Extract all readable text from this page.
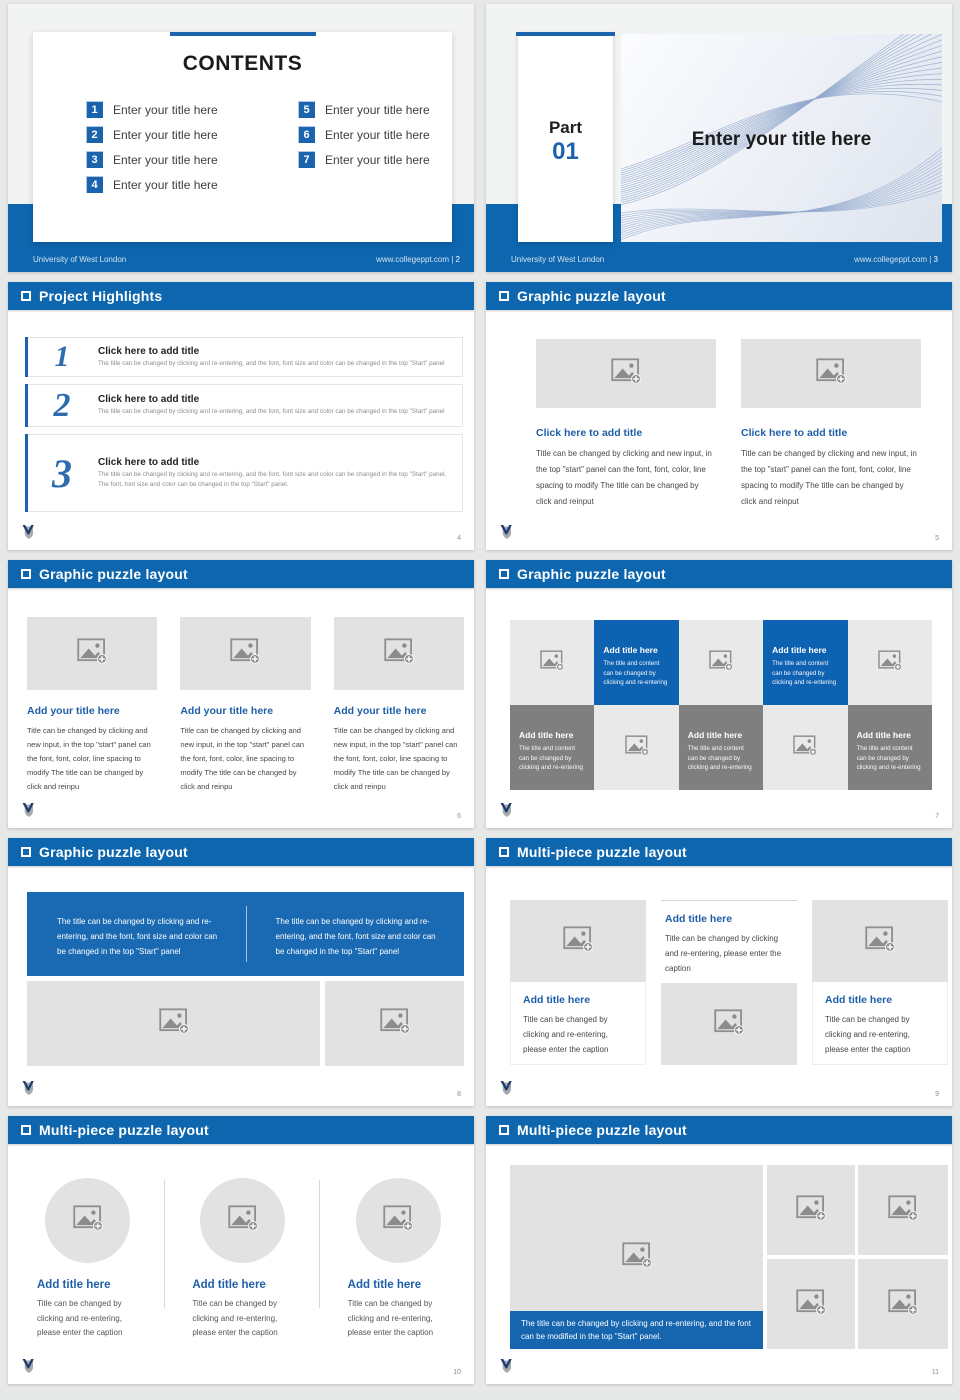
CONTENTS
1	Enter your title here
2	Enter your title here
3	Enter your title here
4	Enter your title here
5	Enter your title here
6	Enter your title here
7	Enter your title here
University of West London	www.collegeppt.com | 2
Part
01	Enter your title here
University of West London	www.collegeppt.com | 3
Project Highlights
1	Click here to add title
The title can be changed by clicking and re-entering, and the font, font size and color can be changed in the top "Start" panel
2	Click here to add title
The title can be changed by clicking and re-entering, and the font, font size and color can be changed in the top "Start" panel
3	Click here to add title
The title can be changed by clicking and re-entering, and the font, font size and color can be changed in the top "Start" panel. The font, font size and color can be changed in the top "Start" panel.
4
Graphic puzzle layout
Click here to add title
Title can be changed by clicking and new input, in the top "start" panel can the font, font, color, line spacing to modify The title can be changed by click and reinput
Click here to add title
Title can be changed by clicking and new input, in the top "start" panel can the font, font, color, line spacing to modify The title can be changed by click and reinput
5
Graphic puzzle layout
Add your title here
Title can be changed by clicking and new input, in the top "start" panel can the font, font, color, line spacing to modify The title can be changed by click and reinpu
Add your title here
Title can be changed by clicking and new input, in the top "start" panel can the font, font, color, line spacing to modify The title can be changed by click and reinpu
Add your title here
Title can be changed by clicking and new input, in the top "start" panel can the font, font, color, line spacing to modify The title can be changed by click and reinpu
6
Graphic puzzle layout
Add title here
The title and content can be changed by clicking and re-entering
Add title here
The title and content can be changed by clicking and re-entering
Add title here
The title and content can be changed by clicking and re-entering
Add title here
The title and content can be changed by clicking and re-entering
Add title here
The title and content can be changed by clicking and re-entering
7
Graphic puzzle layout
The title can be changed by clicking and re-entering, and the font, font size and color can be changed in the top "Start" panel
The title can be changed by clicking and re-entering, and the font, font size and color can be changed in the top "Start" panel
8
Multi-piece puzzle layout
Add title here
Title can be changed by clicking and re-entering, please enter the caption
Add title here
Title can be changed by clicking and re-entering, please enter the caption
Add title here
Title can be changed by clicking and re-entering, please enter the caption
9
Multi-piece puzzle layout
Add title here
Title can be changed by clicking and re-entering, please enter the caption
Add title here
Title can be changed by clicking and re-entering, please enter the caption
Add title here
Title can be changed by clicking and re-entering, please enter the caption
10
Multi-piece puzzle layout
The title can be changed by clicking and re-entering, and the font can be modified in the top "Start" panel.
11
